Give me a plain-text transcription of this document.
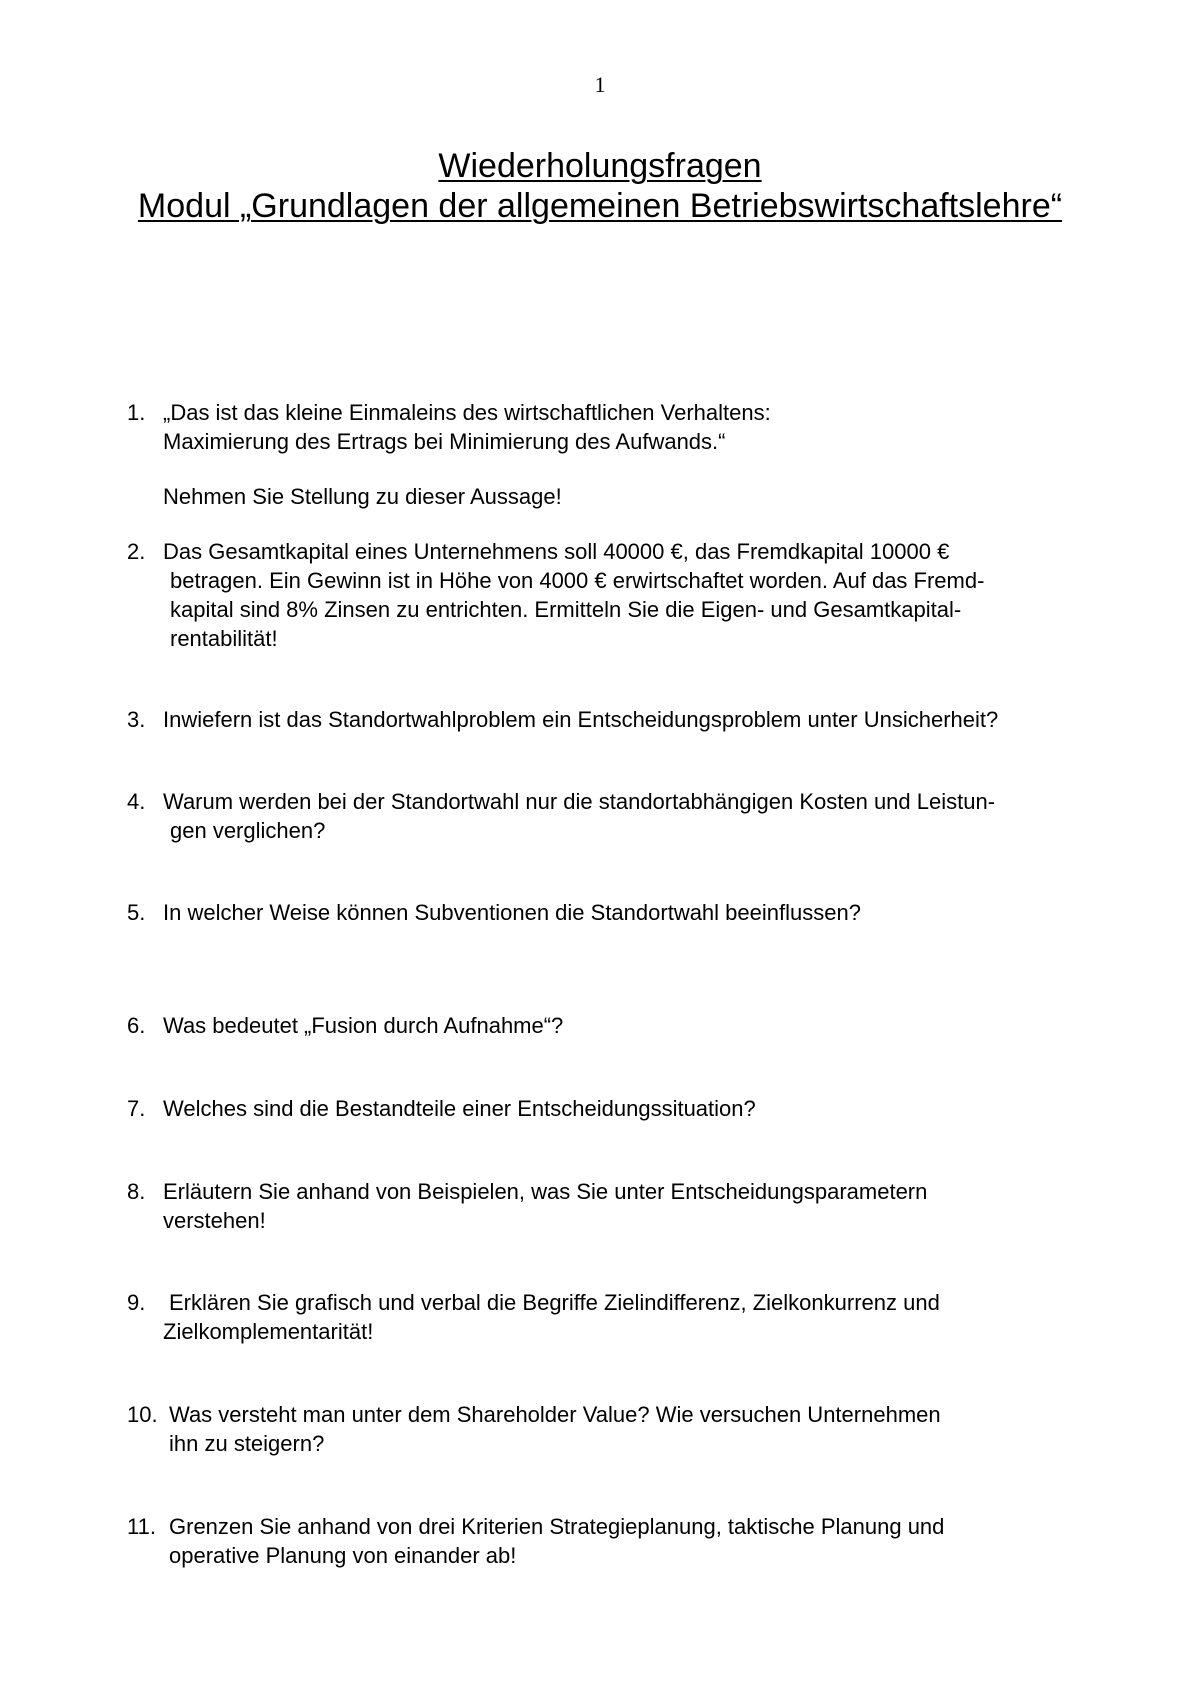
1
Wiederholungsfragen
Modul „Grundlagen der allgemeinen Betriebswirtschaftslehre“
1. „Das ist das kleine Einmaleins des wirtschaftlichen Verhaltens:
Maximierung des Ertrags bei Minimierung des Aufwands.“
Nehmen Sie Stellung zu dieser Aussage!
2. Das Gesamtkapital eines Unternehmens soll 40000 €, das Fremdkapital 10000 €
betragen. Ein Gewinn ist in Höhe von 4000 € erwirtschaftet worden. Auf das Fremd-
kapital sind 8% Zinsen zu entrichten. Ermitteln Sie die Eigen- und Gesamtkapital-
rentabilität!
3. Inwiefern ist das Standortwahlproblem ein Entscheidungsproblem unter Unsicherheit?
4. Warum werden bei der Standortwahl nur die standortabhängigen Kosten und Leistun-
gen verglichen?
5. In welcher Weise können Subventionen die Standortwahl beeinflussen?
6. Was bedeutet „Fusion durch Aufnahme“?
7. Welches sind die Bestandteile einer Entscheidungssituation?
8. Erläutern Sie anhand von Beispielen, was Sie unter Entscheidungsparametern
verstehen!
9.	Erklären Sie grafisch und verbal die Begriffe Zielindifferenz, Zielkonkurrenz und
Zielkomplementarität!
10. Was versteht man unter dem Shareholder Value? Wie versuchen Unternehmen
ihn zu steigern?
11. Grenzen Sie anhand von drei Kriterien Strategieplanung, taktische Planung und
operative Planung von einander ab!
